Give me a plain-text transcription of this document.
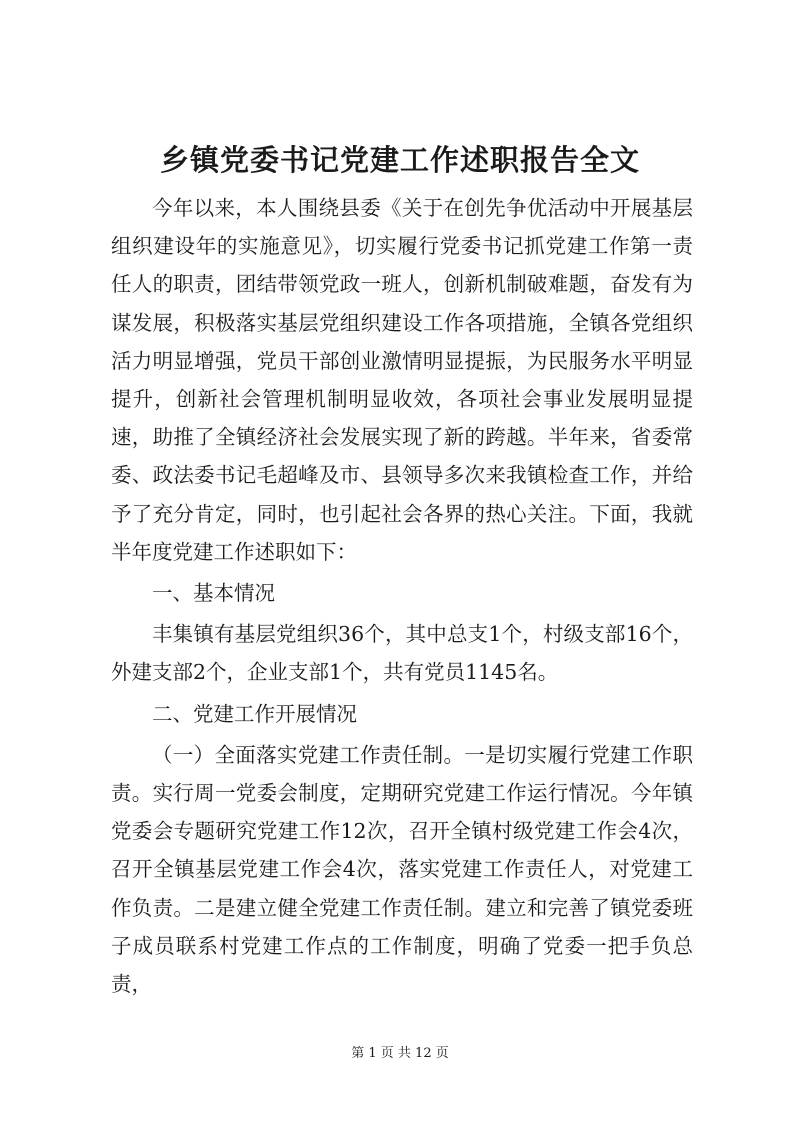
乡镇党委书记党建工作述职报告全文

今年以来，本人围绕县委《关于在创先争优活动中开展基层组织建设年的实施意见》，切实履行党委书记抓党建工作第一责任人的职责，团结带领党政一班人，创新机制破难题，奋发有为谋发展，积极落实基层党组织建设工作各项措施，全镇各党组织活力明显增强，党员干部创业激情明显提振，为民服务水平明显提升，创新社会管理机制明显收效，各项社会事业发展明显提速，助推了全镇经济社会发展实现了新的跨越。半年来，省委常委、政法委书记毛超峰及市、县领导多次来我镇检查工作，并给予了充分肯定，同时，也引起社会各界的热心关注。下面，我就半年度党建工作述职如下：

一、基本情况

丰集镇有基层党组织36个，其中总支1个，村级支部16个，外建支部2个，企业支部1个，共有党员1145名。

二、党建工作开展情况

（一）全面落实党建工作责任制。一是切实履行党建工作职责。实行周一党委会制度，定期研究党建工作运行情况。今年镇党委会专题研究党建工作12次，召开全镇村级党建工作会4次，召开全镇基层党建工作会4次，落实党建工作责任人，对党建工作负责。二是建立健全党建工作责任制。建立和完善了镇党委班子成员联系村党建工作点的工作制度，明确了党委一把手负总责，

第 1 页 共 12 页
